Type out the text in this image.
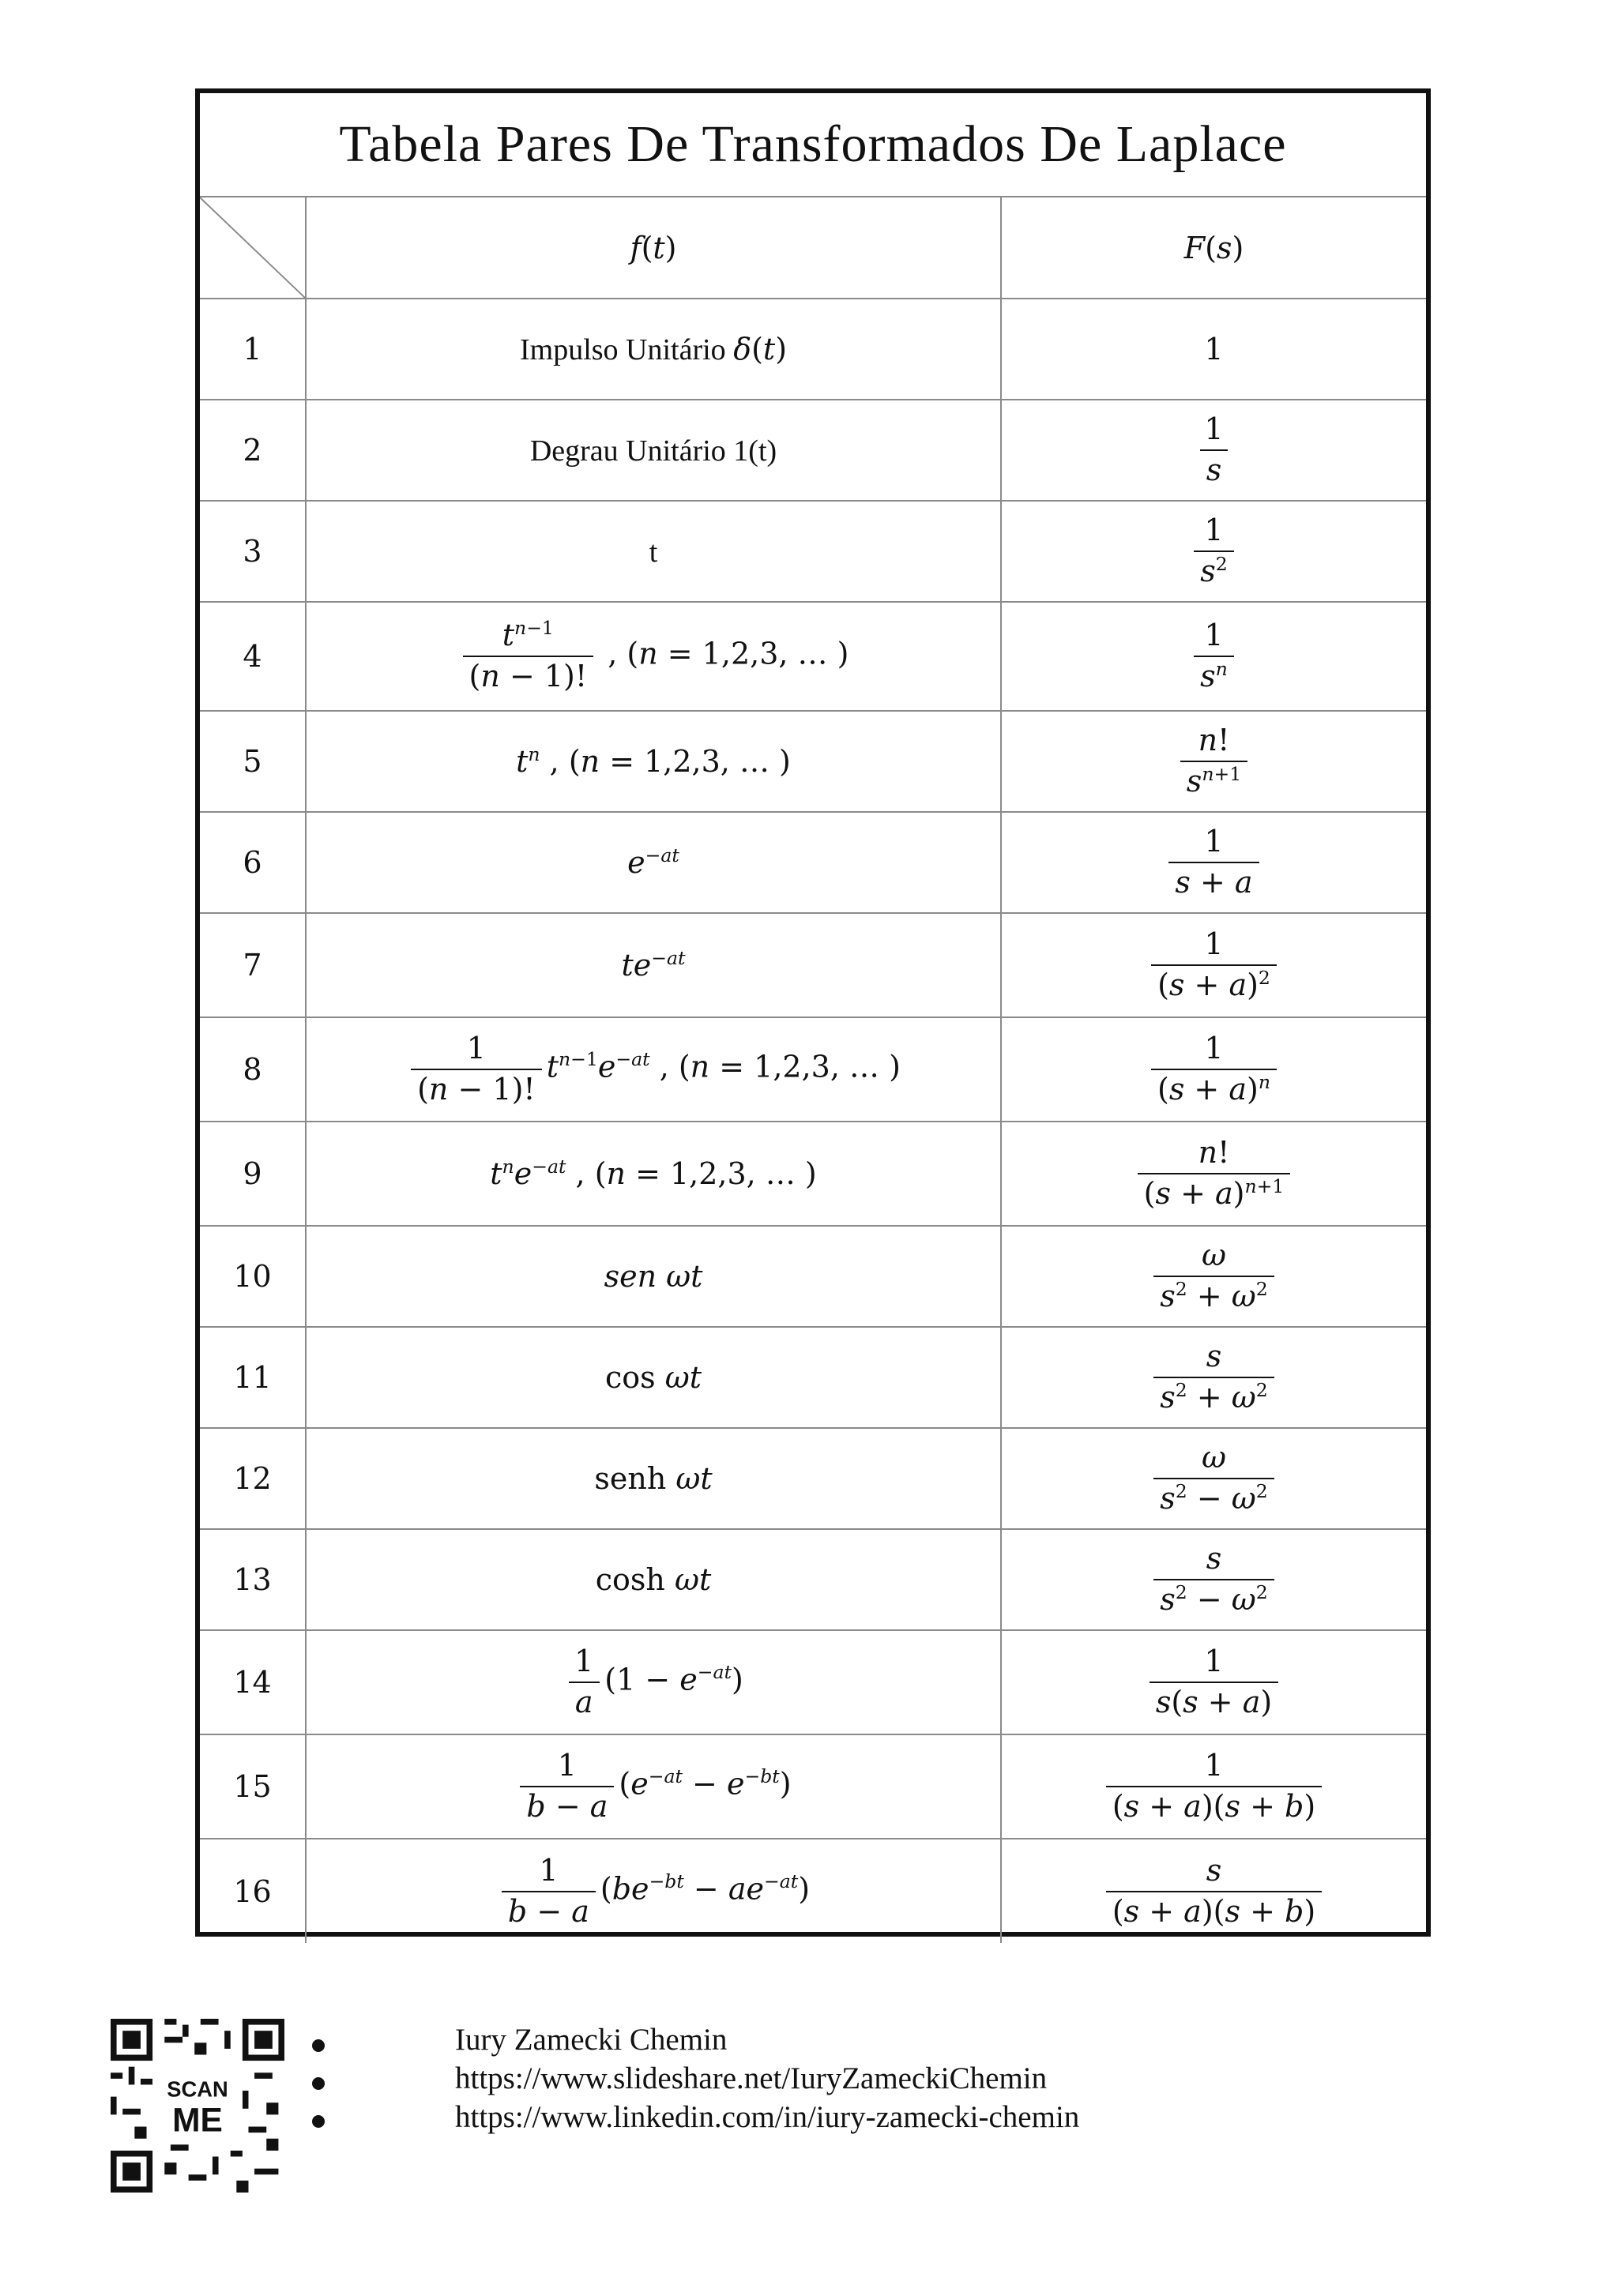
Tabela Pares De Transformados De Laplace
	f(t)	F(s)
1	Impulso Unitário δ(t)	1
2	Degrau Unitário 1(t)	$\frac{1}{s}$

3	t	$\frac{1}{s^2}$

4	$\frac{t^{n-1}}{(n - 1)!}$ , (n = 1,2,3, … )	$\frac{1}{s^n}$

5	$t^n$ , (n = 1,2,3, … )	$\frac{n!}{s^{n+1}}$

6	$e^{-at}$	$\frac{1}{s + a}$

7	$te^{-at}$	$\frac{1}{(s + a)^2}$

8	$\frac{1}{(n - 1)!} t^{n-1}e^{-at}$ , (n = 1,2,3, … )	$\frac{1}{(s + a)^n}$

9	$t^ne^{-at}$ , (n = 1,2,3, … )	$\frac{n!}{(s + a)^{n+1}}$

10	sen ωt	$\frac{\omega}{s^2 + \omega^2}$

11	cos ωt	$\frac{s}{s^2 + \omega^2}$

12	senh ωt	$\frac{\omega}{s^2 - \omega^2}$

13	cosh ωt	$\frac{s}{s^2 - \omega^2}$

14	$\frac{1}{a} (1 - e^{-at})$	$\frac{1}{s(s + a)}$

15	$\frac{1}{b - a} (e^{-at} - e^{-bt})$	$\frac{1}{(s + a)(s + b)}$

16	$\frac{1}{b - a} (be^{-bt} - ae^{-at})$	$\frac{s}{(s + a)(s + b)}$
SCAN
ME
Iury Zamecki Chemin
https://www.slideshare.net/IuryZameckiChemin
https://www.linkedin.com/in/iury-zamecki-chemin
